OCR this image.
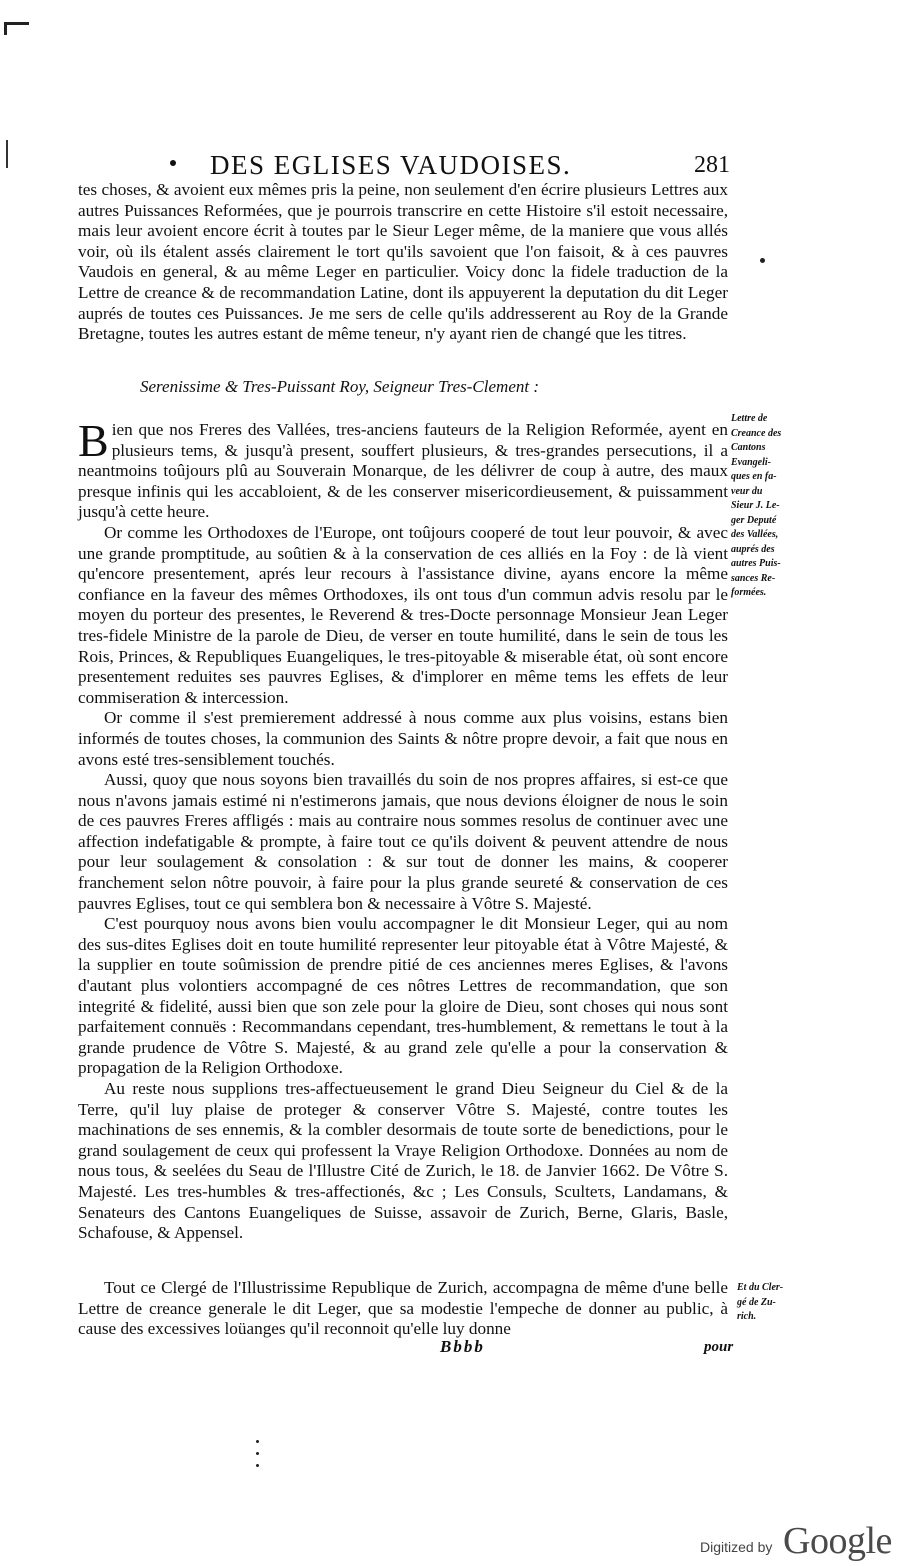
DES EGLISES VAUDOISES.	281

tes choses, & avoient eux mêmes pris la peine, non seulement d'en écrire plusieurs Lettres aux autres Puissances Reformées, que je pourrois transcrire en cette Histoire s'il estoit necessaire, mais leur avoient encore écrit à toutes par le Sieur Leger même, de la maniere que vous allés voir, où ils étalent assés clairement le tort qu'ils savoient que l'on faisoit, & à ces pauvres Vaudois en general, & au même Leger en particulier. Voicy donc la fidele traduction de la Lettre de creance & de recommandation Latine, dont ils appuyerent la deputation du dit Leger auprés de toutes ces Puissances. Je me sers de celle qu'ils addresserent au Roy de la Grande Bretagne, toutes les autres estant de même teneur, n'y ayant rien de changé que les titres.

Serenissime & Tres-Puissant Roy, Seigneur Tres-Clement :

Bien que nos Freres des Vallées, tres-anciens fauteurs de la Religion Reformée, ayent en plusieurs tems, & jusqu'à present, souffert plusieurs, & tres-grandes persecutions, il a neantmoins toûjours plû au Souverain Monarque, de les délivrer de coup à autre, des maux presque infinis qui les accabloient, & de les conserver misericordieusement, & puissamment jusqu'à cette heure.

Or comme les Orthodoxes de l'Europe, ont toûjours cooperé de tout leur pouvoir, & avec une grande promptitude, au soûtien & à la conservation de ces alliés en la Foy : de là vient qu'encore presentement, aprés leur recours à l'assistance divine, ayans encore la même confiance en la faveur des mêmes Orthodoxes, ils ont tous d'un commun advis resolu par le moyen du porteur des presentes, le Reverend & tres-Docte personnage Monsieur Jean Leger tres-fidele Ministre de la parole de Dieu, de verser en toute humilité, dans le sein de tous les Rois, Princes, & Republiques Euangeliques, le tres-pitoyable & miserable état, où sont encore presentement reduites ses pauvres Eglises, & d'implorer en même tems les effets de leur commiseration & intercession.

Or comme il s'est premierement addressé à nous comme aux plus voisins, estans bien informés de toutes choses, la communion des Saints & nôtre propre devoir, a fait que nous en avons esté tres-sensiblement touchés.

Aussi, quoy que nous soyons bien travaillés du soin de nos propres affaires, si est-ce que nous n'avons jamais estimé ni n'estimerons jamais, que nous devions éloigner de nous le soin de ces pauvres Freres affligés : mais au contraire nous sommes resolus de continuer avec une affection indefatigable & prompte, à faire tout ce qu'ils doivent & peuvent attendre de nous pour leur soulagement & consolation : & sur tout de donner les mains, & cooperer franchement selon nôtre pouvoir, à faire pour la plus grande seureté & conservation de ces pauvres Eglises, tout ce qui semblera bon & necessaire à Vôtre S. Majesté.

C'est pourquoy nous avons bien voulu accompagner le dit Monsieur Leger, qui au nom des sus-dites Eglises doit en toute humilité representer leur pitoyable état à Vôtre Majesté, & la supplier en toute soûmission de prendre pitié de ces anciennes meres Eglises, & l'avons d'autant plus volontiers accompagné de ces nôtres Lettres de recommandation, que son integrité & fidelité, aussi bien que son zele pour la gloire de Dieu, sont choses qui nous sont parfaitement connuës : Recommandans cependant, tres-humblement, & remettans le tout à la grande prudence de Vôtre S. Majesté, & au grand zele qu'elle a pour la conservation & propagation de la Religion Orthodoxe.

Au reste nous supplions tres-affectueusement le grand Dieu Seigneur du Ciel & de la Terre, qu'il luy plaise de proteger & conserver Vôtre S. Majesté, contre toutes les machinations de ses ennemis, & la combler desormais de toute sorte de benedictions, pour le grand soulagement de ceux qui professent la Vraye Religion Orthodoxe. Données au nom de nous tous, & seelées du Seau de l'Illustre Cité de Zurich, le 18. de Janvier 1662. De Vôtre S. Majesté. Les tres-humbles & tres-affectionés, &c ; Les Consuls, Sculteτs, Landamans, & Senateurs des Cantons Euangeliques de Suisse, assavoir de Zurich, Berne, Glaris, Basle, Schafouse, & Appensel.

Lettre de
Creance des
Cantons
Evangeli-
ques en fa-
veur du
Sieur J. Le-
ger Deputé
des Vallées,
auprés des
autres Puis-
sances Re-
formées.

Tout ce Clergé de l'Illustrissime Republique de Zurich, accompagna de même d'une belle Lettre de creance generale le dit Leger, que sa modestie l'empeche de donner au public, à cause des excessives loüanges qu'il reconnoit qu'elle luy donne

Et du Cler-
gé de Zu-
rich.
Bbbb	pour
Digitized by Google
